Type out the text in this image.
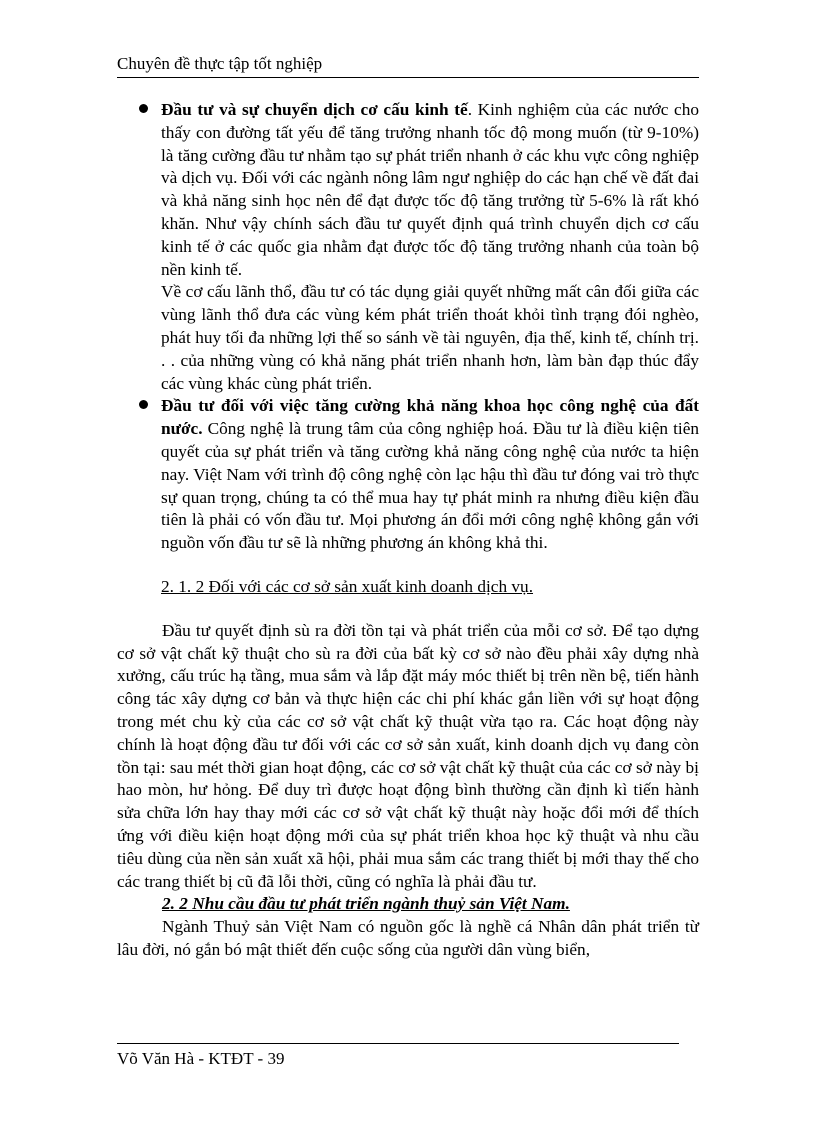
Chuyên đề thực tập tốt nghiệp

Đầu tư và sự chuyển dịch cơ cấu kinh tế. Kinh nghiệm của các nước cho thấy con đường tất yếu để tăng trưởng nhanh tốc độ mong muốn (từ 9-10%) là tăng cường đầu tư nhằm tạo sự phát triển nhanh ở các khu vực công nghiệp và dịch vụ. Đối với các ngành nông lâm ngư nghiệp do các hạn chế về đất đai và khả năng sinh học nên để đạt được tốc độ tăng trưởng từ 5-6% là rất khó khăn. Như vậy chính sách đầu tư quyết định quá trình chuyển dịch cơ cấu kinh tế ở các quốc gia nhằm đạt được tốc độ tăng trưởng nhanh của toàn bộ nền kinh tế.

Về cơ cấu lãnh thổ, đầu tư có tác dụng giải quyết những mất cân đối giữa các vùng lãnh thổ đưa các vùng kém phát triển thoát khỏi tình trạng đói nghèo, phát huy tối đa những lợi thế so sánh về tài nguyên, địa thế, kinh tế, chính trị. . . của những vùng có khả năng phát triển nhanh hơn, làm bàn đạp thúc đẩy các vùng khác cùng phát triển.

Đầu tư đối với việc tăng cường khả năng khoa học công nghệ của đất nước. Công nghệ là trung tâm của công nghiệp hoá. Đầu tư là điều kiện tiên quyết của sự phát triển và tăng cường khả năng công nghệ của nước ta hiện nay. Việt Nam với trình độ công nghệ còn lạc hậu thì đầu tư đóng vai trò thực sự quan trọng, chúng ta có thể mua hay tự phát minh ra nhưng điều kiện đầu tiên là phải có vốn đầu tư. Mọi phương án đổi mới công nghệ không gắn với nguồn vốn đầu tư sẽ là những phương án không khả thi.

2. 1. 2 Đối với các cơ sở sản xuất kinh doanh dịch vụ.

Đầu tư quyết định sù ra đời tồn tại và phát triển của mỗi cơ sở. Để tạo dựng cơ sở vật chất kỹ thuật cho sù ra đời của bất kỳ cơ sở nào đều phải xây dựng nhà xưởng, cấu trúc hạ tầng, mua sắm và lắp đặt máy móc thiết bị trên nền bệ, tiến hành công tác xây dựng cơ bản và thực hiện các chi phí khác gắn liền với sự hoạt động trong mét chu kỳ của các cơ sở vật chất kỹ thuật vừa tạo ra. Các hoạt động này chính là hoạt động đầu tư đối với các cơ sở sản xuất, kinh doanh dịch vụ đang còn tồn tại: sau mét thời gian hoạt động, các cơ sở vật chất kỹ thuật của các cơ sở này bị hao mòn, hư hỏng. Để duy trì được hoạt động bình thường cần định kì tiến hành sửa chữa lớn hay thay mới các cơ sở vật chất kỹ thuật này hoặc đổi mới để thích ứng với điều kiện hoạt động mới của sự phát triển khoa học kỹ thuật và nhu cầu tiêu dùng của nền sản xuất xã hội, phải mua sắm các trang thiết bị mới thay thế cho các trang thiết bị cũ đã lỗi thời, cũng có nghĩa là phải đầu tư.

2. 2 Nhu cầu đầu tư phát triển ngành thuỷ sản Việt Nam.

Ngành Thuỷ sản Việt Nam có nguồn gốc là nghề cá Nhân dân phát triển từ lâu đời, nó gắn bó mật thiết đến cuộc sống của người dân vùng biển,

Võ Văn Hà - KTĐT - 39
